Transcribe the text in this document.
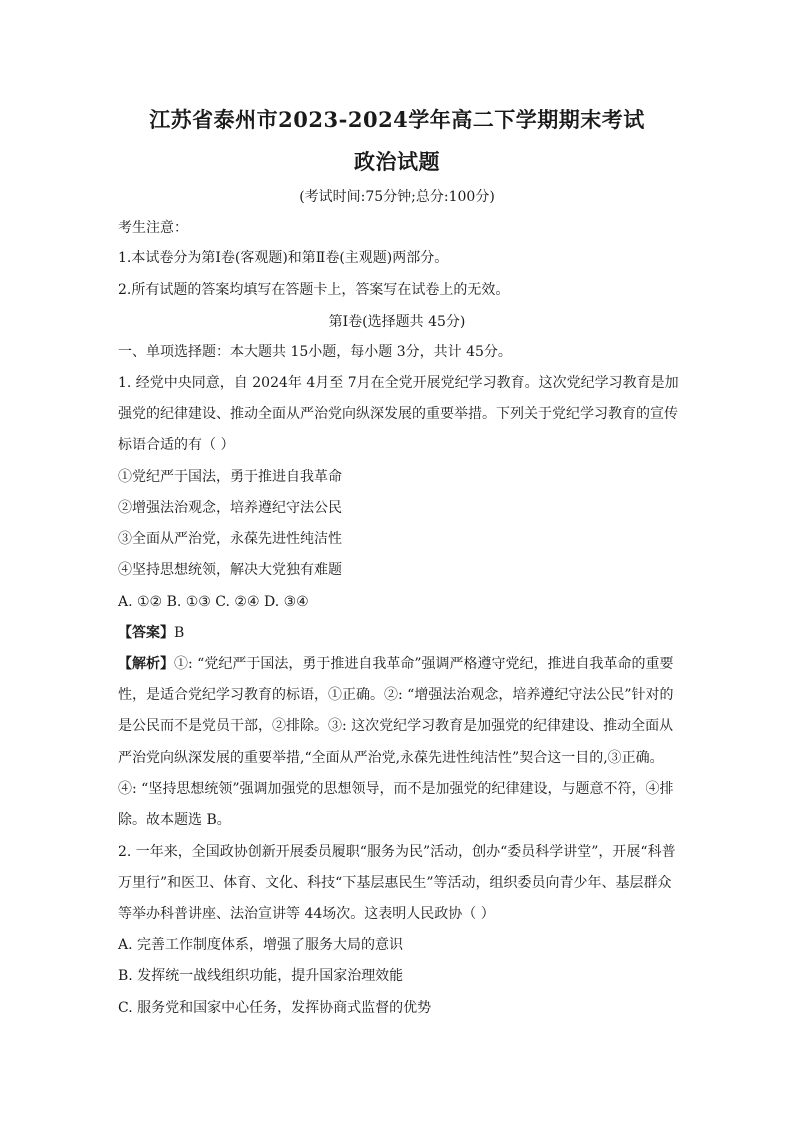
江苏省泰州市2023-2024学年高二下学期期末考试
政治试题
(考试时间:75分钟;总分:100分)
考生注意：
1.本试卷分为第Ⅰ卷(客观题)和第Ⅱ卷(主观题)两部分。
2.所有试题的答案均填写在答题卡上，答案写在试卷上的无效。
第Ⅰ卷(选择题共 45分)
一、单项选择题：本大题共 15小题，每小题 3分，共计 45分。
1. 经党中央同意，自 2024年 4月至 7月在全党开展党纪学习教育。这次党纪学习教育是加
强党的纪律建设、推动全面从严治党向纵深发展的重要举措。下列关于党纪学习教育的宣传
标语合适的有（ ）
①党纪严于国法，勇于推进自我革命
②增强法治观念，培养遵纪守法公民
③全面从严治党，永葆先进性纯洁性
④坚持思想统领，解决大党独有难题
A. ①② B. ①③ C. ②④ D. ③④
【答案】B
【解析】①: “党纪严于国法，勇于推进自我革命”强调严格遵守党纪，推进自我革命的重要
性，是适合党纪学习教育的标语，①正确。②: “增强法治观念，培养遵纪守法公民”针对的
是公民而不是党员干部，②排除。③: 这次党纪学习教育是加强党的纪律建设、推动全面从
严治党向纵深发展的重要举措,“全面从严治党,永葆先进性纯洁性”契合这一目的,③正确。
④: “坚持思想统领”强调加强党的思想领导，而不是加强党的纪律建设，与题意不符，④排
除。故本题选 B。
2. 一年来，全国政协创新开展委员履职“服务为民”活动，创办“委员科学讲堂”，开展“科普
万里行”和医卫、体育、文化、科技“下基层惠民生”等活动，组织委员向青少年、基层群众
等举办科普讲座、法治宣讲等 44场次。这表明人民政协（ ）
A. 完善工作制度体系，增强了服务大局的意识
B. 发挥统一战线组织功能，提升国家治理效能
C. 服务党和国家中心任务，发挥协商式监督的优势
